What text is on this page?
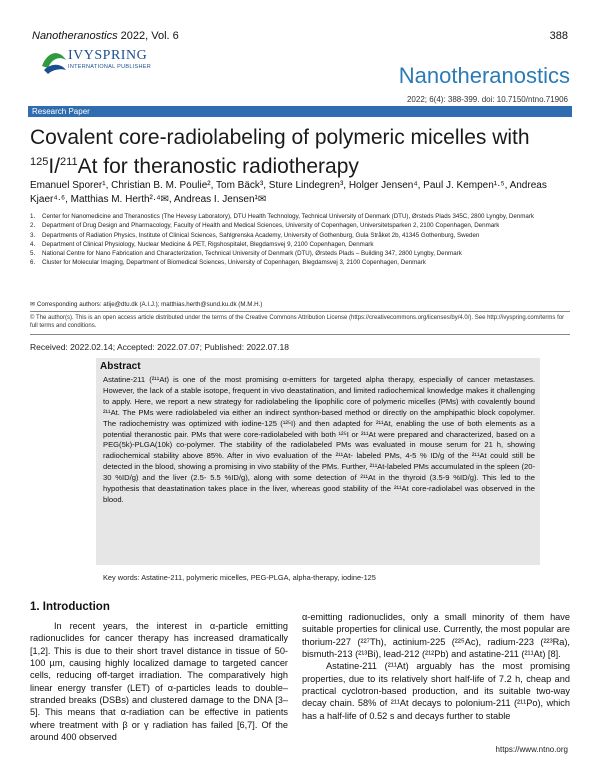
Nanotheranostics 2022, Vol. 6	388
IVYSPRING
INTERNATIONAL PUBLISHER	Nanotheranostics
2022; 6(4): 388-399. doi: 10.7150/ntno.71906
Research Paper
Covalent core-radiolabeling of polymeric micelles with
$^{125}$I/$^{211}$At for theranostic radiotherapy
Emanuel Sporer¹, Christian B. M. Poulie², Tom Bäck³, Sture Lindegren³, Holger Jensen⁴, Paul J. Kempen¹·⁵, Andreas Kjaer⁴·⁶, Matthias M. Herth²·⁴✉, Andreas I. Jensen¹✉
1.	Center for Nanomedicine and Theranostics (The Hevesy Laboratory), DTU Health Technology, Technical University of Denmark (DTU), Ørsteds Plads 345C, 2800 Lyngby, Denmark
2.	Department of Drug Design and Pharmacology, Faculty of Health and Medical Sciences, University of Copenhagen, Universitetsparken 2, 2100 Copenhagen, Denmark
3.	Departments of Radiation Physics, Institute of Clinical Sciences, Sahlgrenska Academy, University of Gothenburg, Gula Stråket 2b, 41345 Gothenburg, Sweden
4.	Department of Clinical Physiology, Nuclear Medicine & PET, Rigshospitalet, Blegdamsvej 9, 2100 Copenhagen, Denmark
5.	National Centre for Nano Fabrication and Characterization, Technical University of Denmark (DTU), Ørsteds Plads – Building 347, 2800 Lyngby, Denmark
6.	Cluster for Molecular Imaging, Department of Biomedical Sciences, University of Copenhagen, Blegdamsvej 3, 2100 Copenhagen, Denmark
✉ Corresponding authors: atije@dtu.dk (A.I.J.); matthias.herth@sund.ku.dk (M.M.H.)
© The author(s). This is an open access article distributed under the terms of the Creative Commons Attribution License (https://creativecommons.org/licenses/by/4.0/). See http://ivyspring.com/terms for full terms and conditions.
Received: 2022.02.14; Accepted: 2022.07.07; Published: 2022.07.18
Abstract
Astatine-211 (²¹¹At) is one of the most promising α-emitters for targeted alpha therapy, especially of cancer metastases. However, the lack of a stable isotope, frequent in vivo deastatination, and limited radiochemical knowledge makes it challenging to apply. Here, we report a new strategy for radiolabeling the lipophilic core of polymeric micelles (PMs) with covalently bound ²¹¹At. The PMs were radiolabeled via either an indirect synthon-based method or directly on the amphipathic block copolymer. The radiochemistry was optimized with iodine-125 (¹²⁵I) and then adapted for ²¹¹At, enabling the use of both elements as a potential theranostic pair. PMs that were core-radiolabeled with both ¹²⁵I or ²¹¹At were prepared and characterized, based on a PEG(5k)-PLGA(10k) co-polymer. The stability of the radiolabeled PMs was evaluated in mouse serum for 21 h, showing radiochemical stability above 85%. After in vivo evaluation of the ²¹¹At- labeled PMs, 4-5 % ID/g of the ²¹¹At could still be detected in the blood, showing a promising in vivo stability of the PMs. Further, ²¹¹At-labeled PMs accumulated in the spleen (20-30 %ID/g) and the liver (2.5- 5.5 %ID/g), along with some detection of ²¹¹At in the thyroid (3.5-9 %ID/g). This led to the hypothesis that deastatination takes place in the liver, whereas good stability of the ²¹¹At core-radiolabel was observed in the blood.
Key words: Astatine-211, polymeric micelles, PEG-PLGA, alpha-therapy, iodine-125
1. Introduction

In recent years, the interest in α-particle emitting radionuclides for cancer therapy has increased dramatically [1,2]. This is due to their short travel distance in tissue of 50-100 µm, causing highly localized damage to targeted cancer cells, reducing off-target irradiation. The comparatively high linear energy transfer (LET) of α-particles leads to double–stranded breaks (DSBs) and clustered damage to the DNA [3–5]. This means that α-radiation can be effective in patients where treatment with β or γ radiation has failed [6,7]. Of the around 400 observed

α-emitting radionuclides, only a small minority of them have suitable properties for clinical use. Currently, the most popular are thorium-227 (²²⁷Th), actinium-225 (²²⁵Ac), radium-223 (²²³Ra), bismuth-213 (²¹³Bi), lead-212 (²¹²Pb) and astatine-211 (²¹¹At) [8].

Astatine-211 (²¹¹At) arguably has the most promising properties, due to its relatively short half-life of 7.2 h, cheap and practical cyclotron-based production, and its suitable two-way decay chain. 58% of ²¹¹At decays to polonium-211 (²¹¹Po), which has a half-life of 0.52 s and decays further to stable

https://www.ntno.org
